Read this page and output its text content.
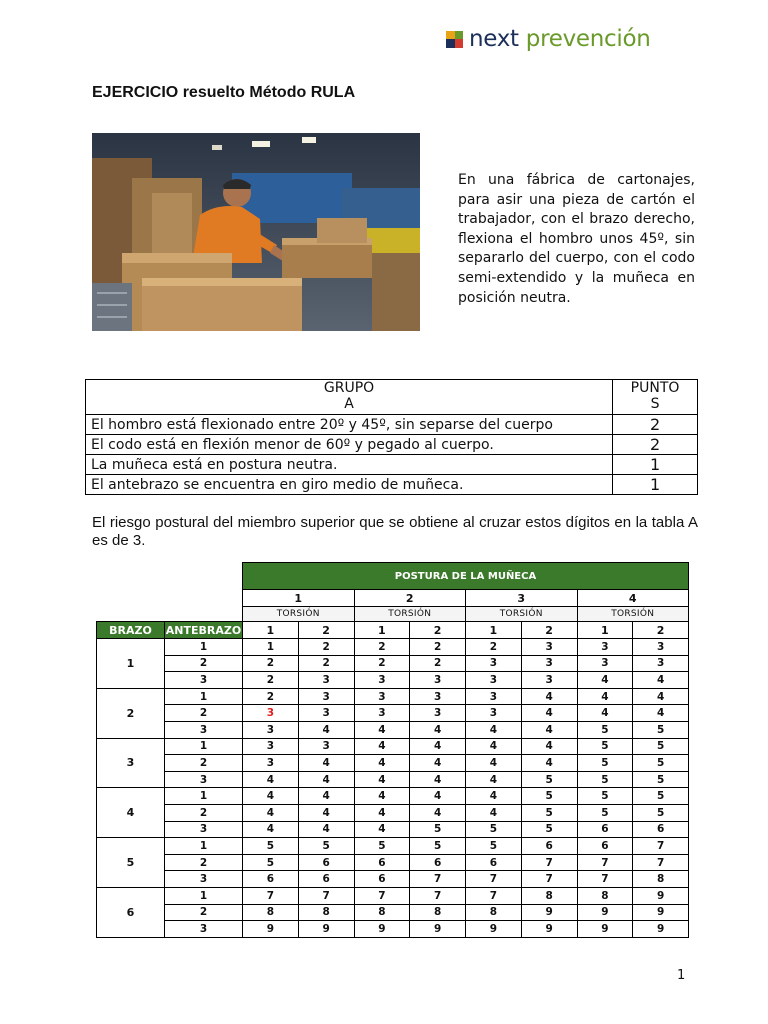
next prevención
EJERCICIO resuelto Método RULA

En una fábrica de cartonajes, para asir una pieza de cartón el trabajador, con el brazo derecho, flexiona el hombro unos 45º, sin separarlo del cuerpo, con el codo semi-extendido y la muñeca en posición neutra.

GRUPO
A	PUNTO
S

El hombro está flexionado entre 20º y 45º, sin separse del cuerpo	2
El codo está en flexión menor de 60º y pegado al cuerpo.	2
La muñeca está en postura neutra.	1
El antebrazo se encuentra en giro medio de muñeca.	1

El riesgo postural del miembro superior que se obtiene al cruzar estos dígitos en la tabla A es de 3.

		POSTURA DE LA MUÑECA							
		1		2		3		4	
		TORSIÓN		TORSIÓN		TORSIÓN		TORSIÓN	
BRAZO	ANTEBRAZO	1	2	1	2	1	2	1	2
1	1	1	2	2	2	2	3	3	3
	2	2	2	2	2	3	3	3	3
	3	2	3	3	3	3	3	4	4
2	1	2	3	3	3	3	4	4	4
	2	3	3	3	3	3	4	4	4
	3	3	4	4	4	4	4	5	5
3	1	3	3	4	4	4	4	5	5
	2	3	4	4	4	4	4	5	5
	3	4	4	4	4	4	5	5	5
4	1	4	4	4	4	4	5	5	5
	2	4	4	4	4	4	5	5	5
	3	4	4	4	5	5	5	6	6
5	1	5	5	5	5	5	6	6	7
	2	5	6	6	6	6	7	7	7
	3	6	6	6	7	7	7	7	8
6	1	7	7	7	7	7	8	8	9
	2	8	8	8	8	8	9	9	9
	3	9	9	9	9	9	9	9	9
1
